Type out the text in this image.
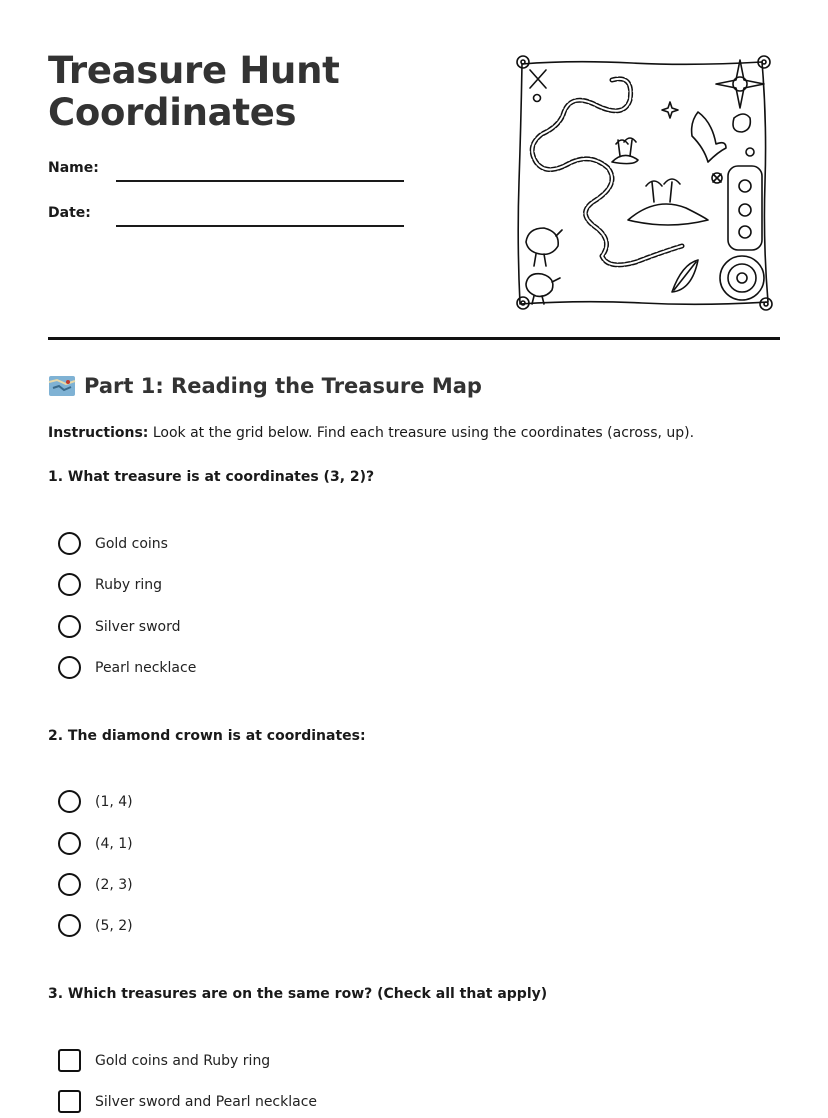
Treasure Hunt
Coordinates
Name:
Date:
Part 1: Reading the Treasure Map
Instructions: Look at the grid below. Find each treasure using the coordinates (across, up).
1. What treasure is at coordinates (3, 2)?
Gold coins
Ruby ring
Silver sword
Pearl necklace
2. The diamond crown is at coordinates:
(1, 4)
(4, 1)
(2, 3)
(5, 2)
3. Which treasures are on the same row? (Check all that apply)
Gold coins and Ruby ring
Silver sword and Pearl necklace
